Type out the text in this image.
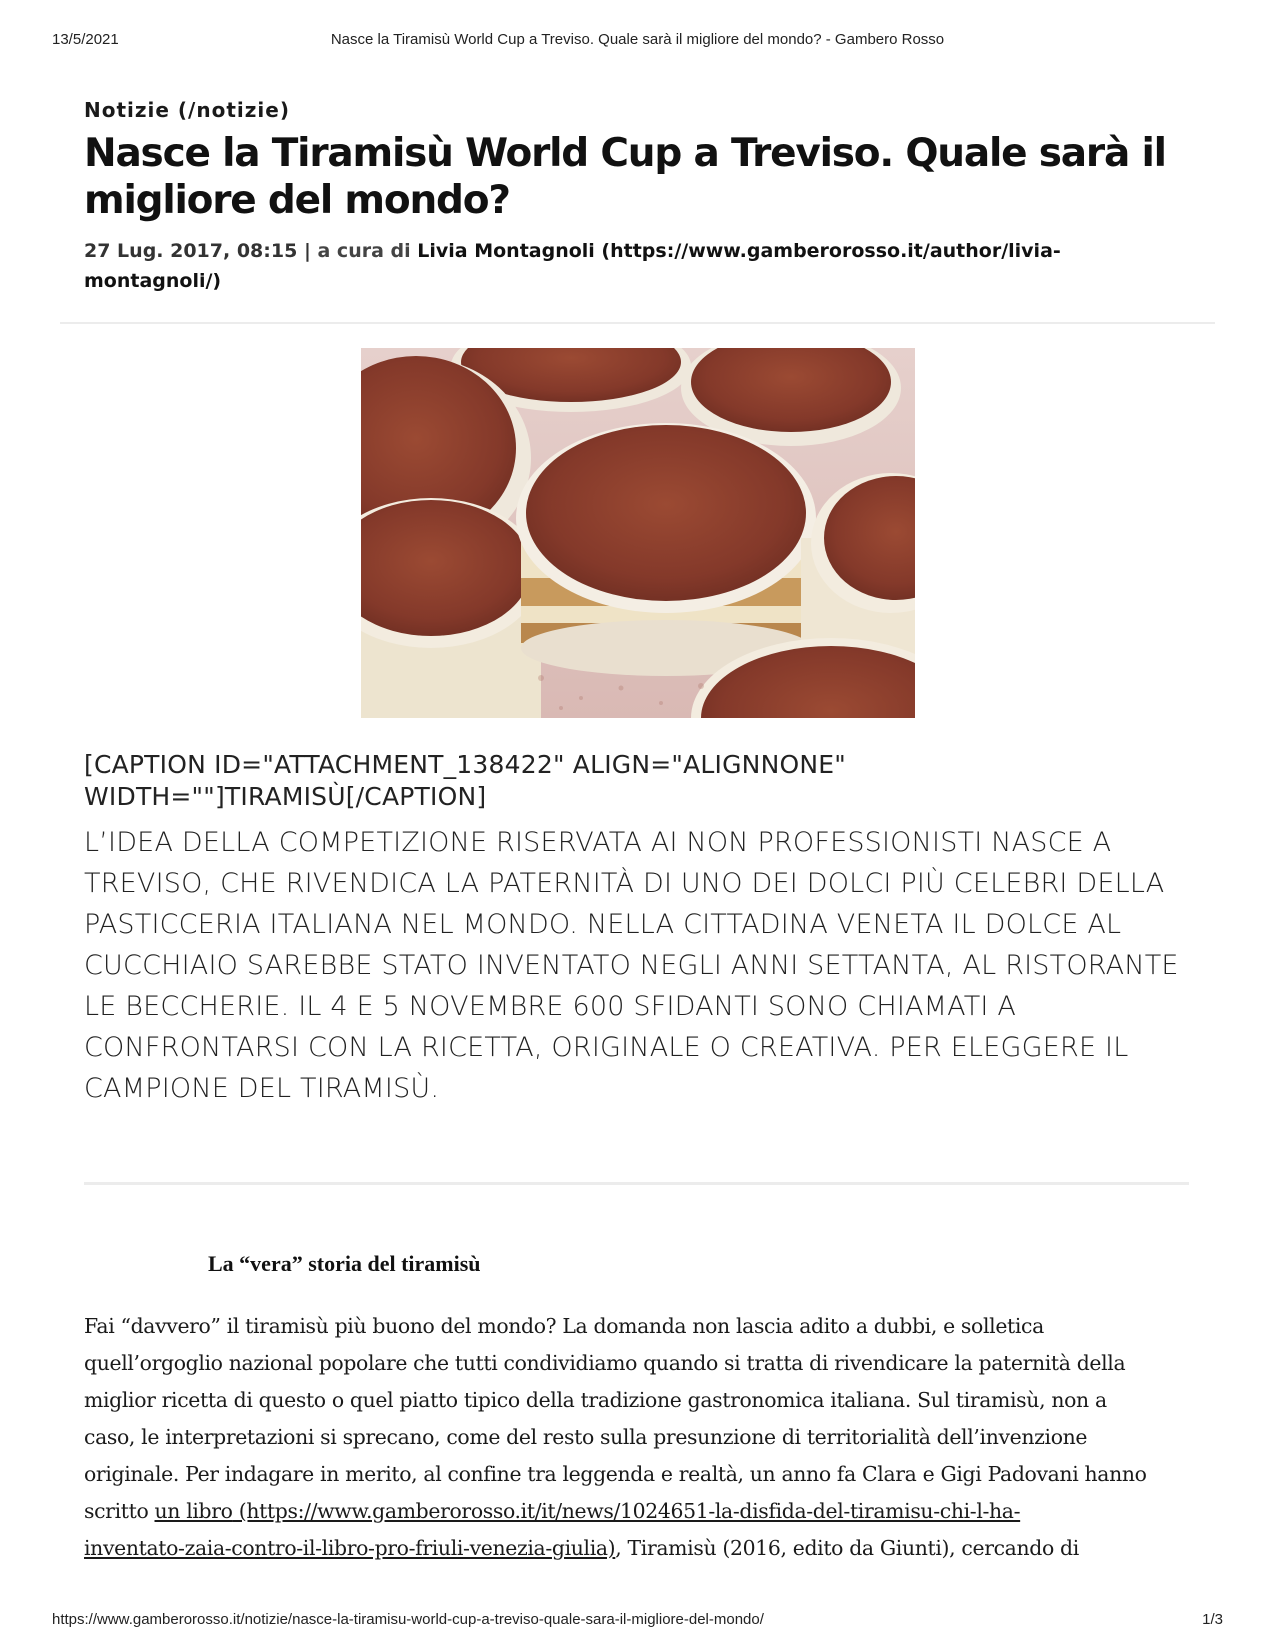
13/5/2021	Nasce la Tiramisù World Cup a Treviso. Quale sarà il migliore del mondo? - Gambero Rosso
Notizie (/notizie)
Nasce la Tiramisù World Cup a Treviso. Quale sarà il
migliore del mondo?
27 Lug. 2017, 08:15 | a cura di Livia Montagnoli (https://www.gamberorosso.it/author/livia-
montagnoli/)
[CAPTION ID="ATTACHMENT_138422" ALIGN="ALIGNNONE"
WIDTH=""]TIRAMISÙ[/CAPTION]
L’IDEA DELLA COMPETIZIONE RISERVATA AI NON PROFESSIONISTI NASCE A TREVISO, CHE RIVENDICA LA PATERNITÀ DI UNO DEI DOLCI PIÙ CELEBRI DELLA PASTICCERIA ITALIANA NEL MONDO. NELLA CITTADINA VENETA IL DOLCE AL CUCCHIAIO SAREBBE STATO INVENTATO NEGLI ANNI SETTANTA, AL RISTORANTE LE BECCHERIE. IL 4 E 5 NOVEMBRE 600 SFIDANTI SONO CHIAMATI A CONFRONTARSI CON LA RICETTA, ORIGINALE O CREATIVA. PER ELEGGERE IL CAMPIONE DEL TIRAMISÙ.
La “vera” storia del tiramisù
Fai “davvero” il tiramisù più buono del mondo? La domanda non lascia adito a dubbi, e solletica
quell’orgoglio nazional popolare che tutti condividiamo quando si tratta di rivendicare la paternità della
miglior ricetta di questo o quel piatto tipico della tradizione gastronomica italiana. Sul tiramisù, non a
caso, le interpretazioni si sprecano, come del resto sulla presunzione di territorialità dell’invenzione
originale. Per indagare in merito, al confine tra leggenda e realtà, un anno fa Clara e Gigi Padovani hanno
scritto un libro (https://www.gamberorosso.it/it/news/1024651-la-disfida-del-tiramisu-chi-l-ha-
inventato-zaia-contro-il-libro-pro-friuli-venezia-giulia), Tiramisù (2016, edito da Giunti), cercando di
https://www.gamberorosso.it/notizie/nasce-la-tiramisu-world-cup-a-treviso-quale-sara-il-migliore-del-mondo/	1/3
